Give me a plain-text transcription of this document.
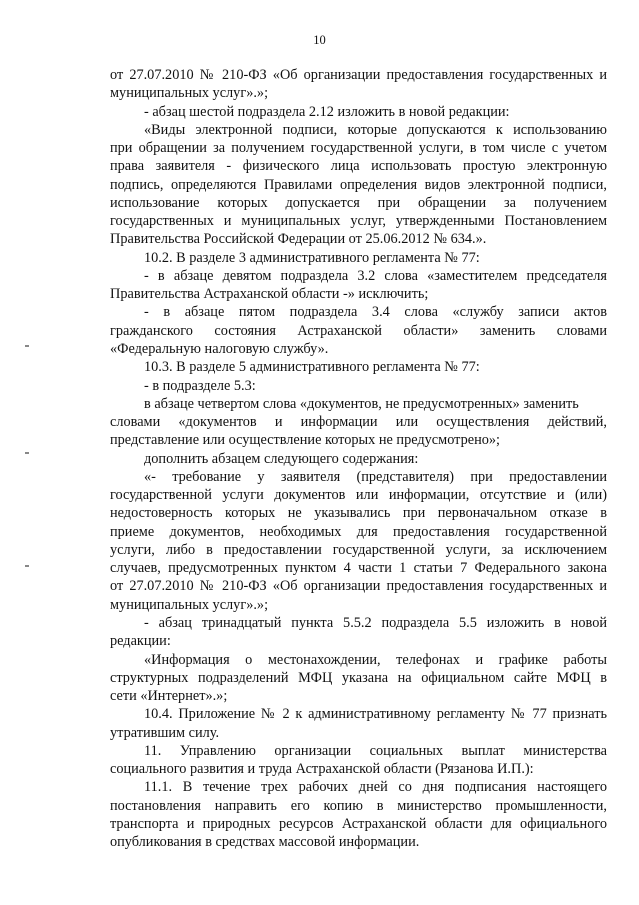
10
от 27.07.2010 № 210-ФЗ «Об организации предоставления государственных и
муниципальных услуг».»;
- абзац шестой подраздела 2.12 изложить в новой редакции:
«Виды электронной подписи, которые допускаются к использованию
при обращении за получением государственной услуги, в том числе с учетом
права заявителя - физического лица использовать простую электронную
подпись, определяются Правилами определения видов электронной подписи,
использование которых допускается при обращении за получением
государственных и муниципальных услуг, утвержденными Постановлением
Правительства Российской Федерации от 25.06.2012 № 634.».
10.2. В разделе 3 административного регламента № 77:
- в абзаце девятом подраздела 3.2 слова «заместителем председателя
Правительства Астраханской области -» исключить;
- в абзаце пятом подраздела 3.4 слова «службу записи актов
гражданского состояния Астраханской области» заменить словами
«Федеральную налоговую службу».
10.3. В разделе 5 административного регламента № 77:
- в подразделе 5.3:
в абзаце четвертом слова «документов, не предусмотренных» заменить
словами «документов и информации или осуществления действий,
представление или осуществление которых не предусмотрено»;
дополнить абзацем следующего содержания:
«- требование у заявителя (представителя) при предоставлении
государственной услуги документов или информации, отсутствие и (или)
недостоверность которых не указывались при первоначальном отказе в
приеме документов, необходимых для предоставления государственной
услуги, либо в предоставлении государственной услуги, за исключением
случаев, предусмотренных пунктом 4 части 1 статьи 7 Федерального закона
от 27.07.2010 № 210-ФЗ «Об организации предоставления государственных и
муниципальных услуг».»;
- абзац тринадцатый пункта 5.5.2 подраздела 5.5 изложить в новой
редакции:
«Информация о местонахождении, телефонах и графике работы
структурных подразделений МФЦ указана на официальном сайте МФЦ в
сети «Интернет».»;
10.4. Приложение № 2 к административному регламенту № 77 признать
утратившим силу.
11. Управлению организации социальных выплат министерства
социального развития и труда Астраханской области (Рязанова И.П.):
11.1. В течение трех рабочих дней со дня подписания настоящего
постановления направить его копию в министерство промышленности,
транспорта и природных ресурсов Астраханской области для официального
опубликования в средствах массовой информации.
